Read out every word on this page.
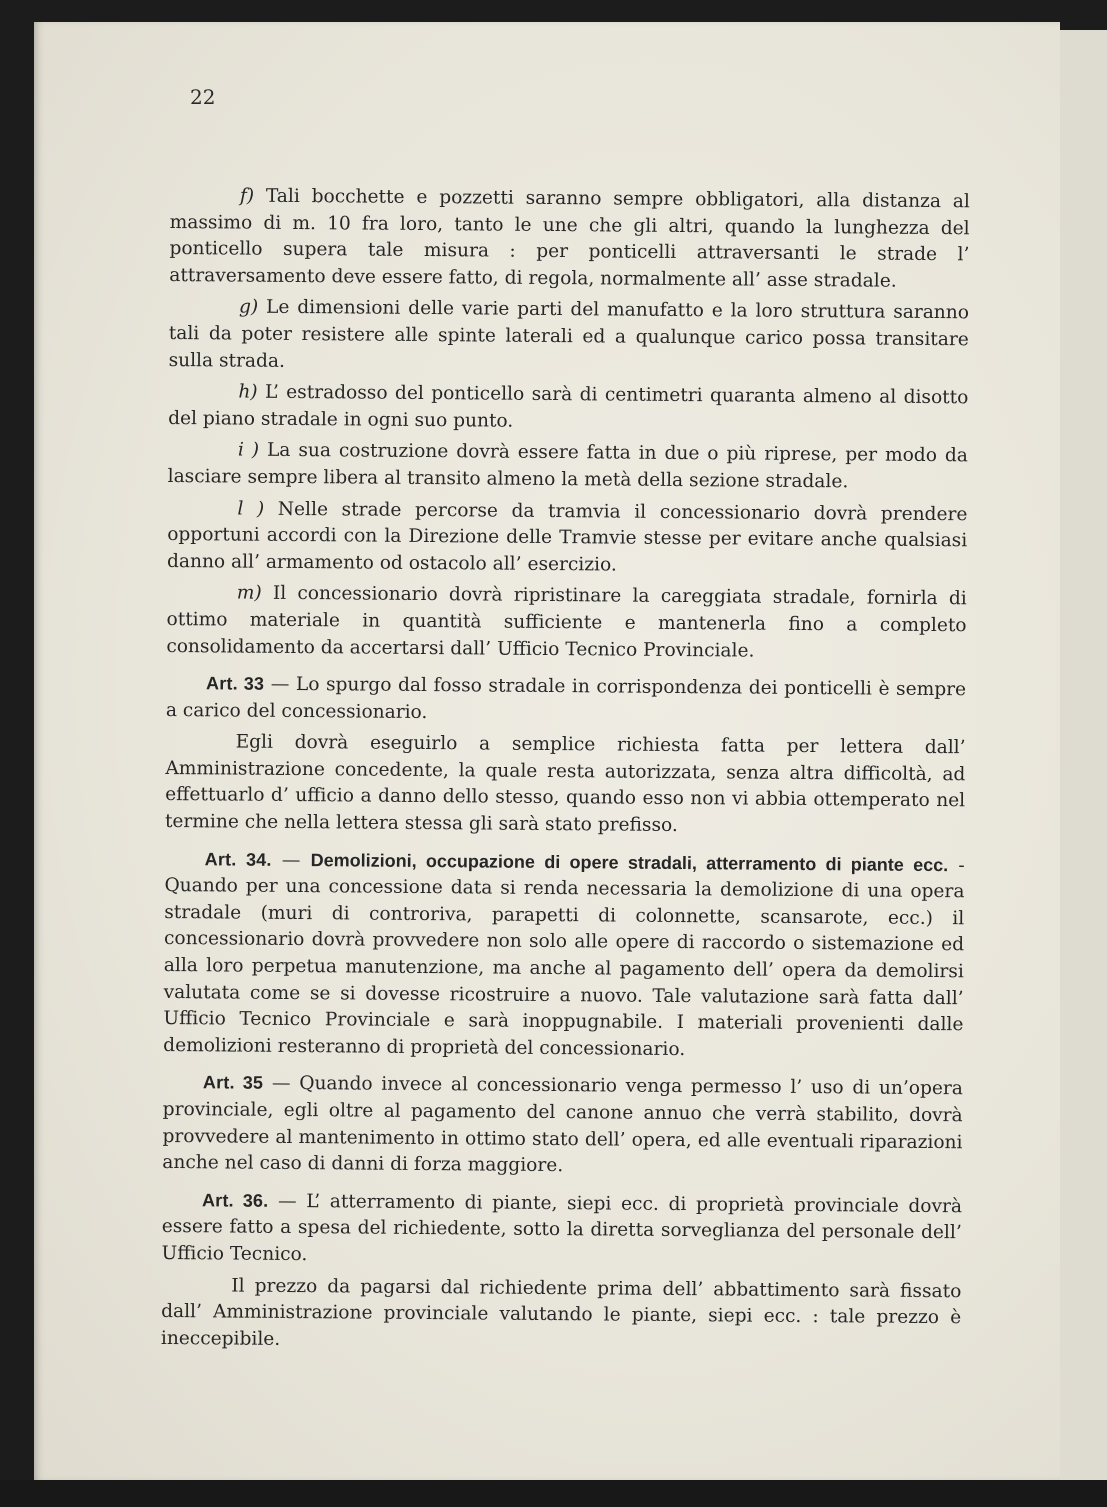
22

f) Tali bocchette e pozzetti saranno sempre obbligatori, alla distanza al massimo di m. 10 fra loro, tanto le une che gli altri, quando la lunghezza del ponticello supera tale misura : per ponticelli attraversanti le strade l’ attraversamento deve essere fatto, di regola, normalmente all’ asse stradale.

g) Le dimensioni delle varie parti del manufatto e la loro struttura saranno tali da poter resistere alle spinte laterali ed a qualunque carico possa transitare sulla strada.

h) L’ estradosso del ponticello sarà di centimetri quaranta almeno al disotto del piano stradale in ogni suo punto.

i ) La sua costruzione dovrà essere fatta in due o più riprese, per modo da lasciare sempre libera al transito almeno la metà della sezione stradale.

l ) Nelle strade percorse da tramvia il concessionario dovrà prendere opportuni accordi con la Direzione delle Tramvie stesse per evitare anche qualsiasi danno all’ armamento od ostacolo all’ esercizio.

m) Il concessionario dovrà ripristinare la careggiata stradale, fornirla di ottimo materiale in quantità sufficiente e mantenerla fino a completo consolidamento da accertarsi dall’ Ufficio Tecnico Provinciale.

Art. 33 — Lo spurgo dal fosso stradale in corrispondenza dei ponticelli è sempre a carico del concessionario.

Egli dovrà eseguirlo a semplice richiesta fatta per lettera dall’ Amministrazione concedente, la quale resta autorizzata, senza altra difficoltà, ad effettuarlo d’ ufficio a danno dello stesso, quando esso non vi abbia ottemperato nel termine che nella lettera stessa gli sarà stato prefisso.

Art. 34. — Demolizioni, occupazione di opere stradali, atterramento di piante ecc. - Quando per una concessione data si renda necessaria la demolizione di una opera stradale (muri di controriva, parapetti di colonnette, scansarote, ecc.) il concessionario dovrà provvedere non solo alle opere di raccordo o sistemazione ed alla loro perpetua manutenzione, ma anche al pagamento dell’ opera da demolirsi valutata come se si dovesse ricostruire a nuovo. Tale valutazione sarà fatta dall’ Ufficio Tecnico Provinciale e sarà inoppugnabile. I materiali provenienti dalle demolizioni resteranno di proprietà del concessionario.

Art. 35 — Quando invece al concessionario venga permesso l’ uso di un’opera provinciale, egli oltre al pagamento del canone annuo che verrà stabilito, dovrà provvedere al mantenimento in ottimo stato dell’ opera, ed alle eventuali riparazioni anche nel caso di danni di forza maggiore.

Art. 36. — L’ atterramento di piante, siepi ecc. di proprietà provinciale dovrà essere fatto a spesa del richiedente, sotto la diretta sorveglianza del personale dell’ Ufficio Tecnico.

Il prezzo da pagarsi dal richiedente prima dell’ abbattimento sarà fissato dall’ Amministrazione provinciale valutando le piante, siepi ecc. : tale prezzo è ineccepibile.
